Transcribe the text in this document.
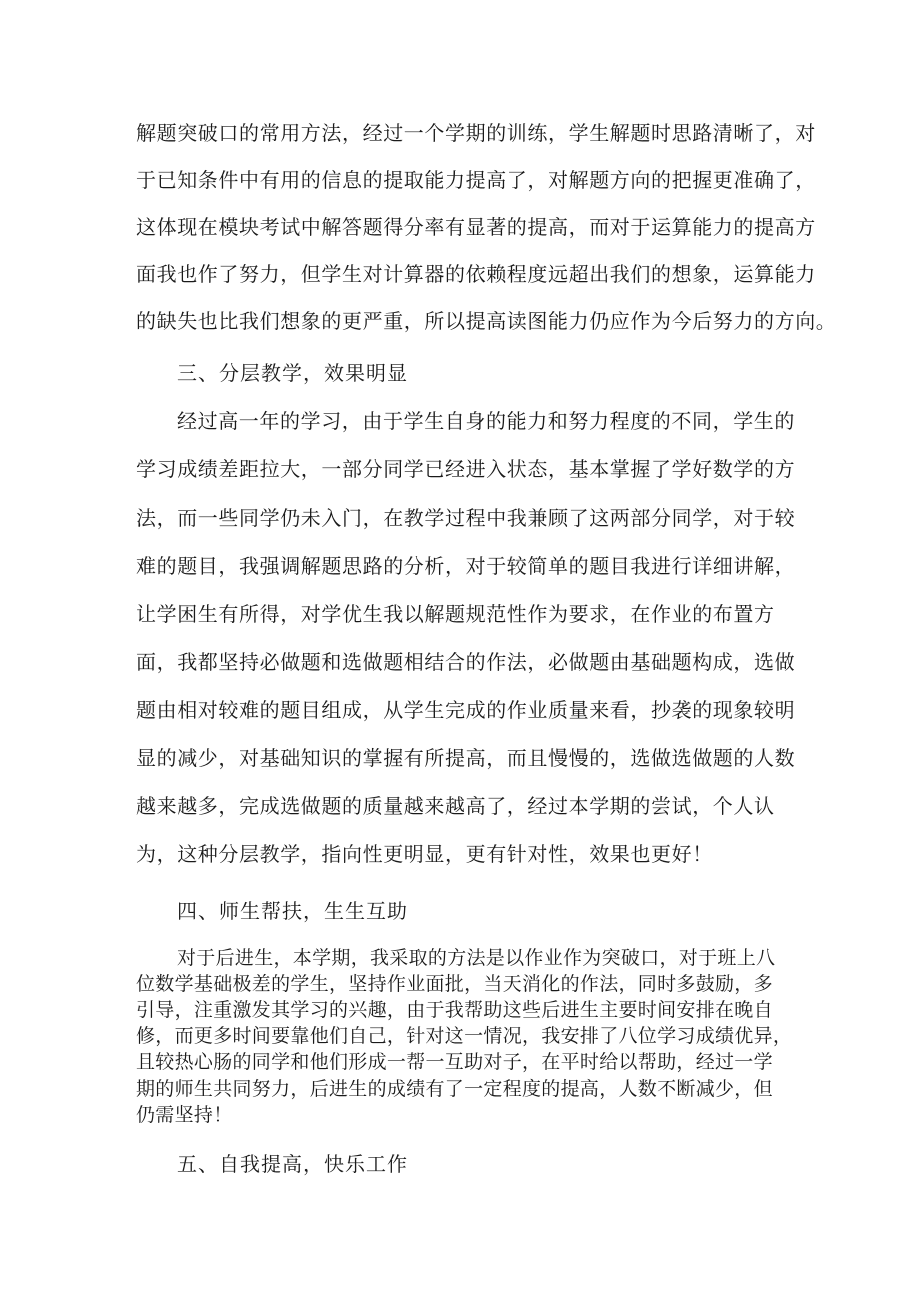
解题突破口的常用方法，经过一个学期的训练，学生解题时思路清晰了，对
于已知条件中有用的信息的提取能力提高了，对解题方向的把握更准确了，
这体现在模块考试中解答题得分率有显著的提高，而对于运算能力的提高方
面我也作了努力，但学生对计算器的依赖程度远超出我们的想象，运算能力
的缺失也比我们想象的更严重，所以提高读图能力仍应作为今后努力的方向。
三、分层教学，效果明显
经过高一年的学习，由于学生自身的能力和努力程度的不同，学生的
学习成绩差距拉大，一部分同学已经进入状态，基本掌握了学好数学的方
法，而一些同学仍未入门，在教学过程中我兼顾了这两部分同学，对于较
难的题目，我强调解题思路的分析，对于较简单的题目我进行详细讲解，
让学困生有所得，对学优生我以解题规范性作为要求，在作业的布置方
面，我都坚持必做题和选做题相结合的作法，必做题由基础题构成，选做
题由相对较难的题目组成，从学生完成的作业质量来看，抄袭的现象较明
显的减少，对基础知识的掌握有所提高，而且慢慢的，选做选做题的人数
越来越多，完成选做题的质量越来越高了，经过本学期的尝试，个人认
为，这种分层教学，指向性更明显，更有针对性，效果也更好！
四、师生帮扶，生生互助
对于后进生，本学期，我采取的方法是以作业作为突破口，对于班上八
位数学基础极差的学生，坚持作业面批，当天消化的作法，同时多鼓励，多
引导，注重激发其学习的兴趣，由于我帮助这些后进生主要时间安排在晚自
修，而更多时间要靠他们自己，针对这一情况，我安排了八位学习成绩优异，
且较热心肠的同学和他们形成一帮一互助对子，在平时给以帮助，经过一学
期的师生共同努力，后进生的成绩有了一定程度的提高，人数不断减少，但
仍需坚持！
五、自我提高，快乐工作
